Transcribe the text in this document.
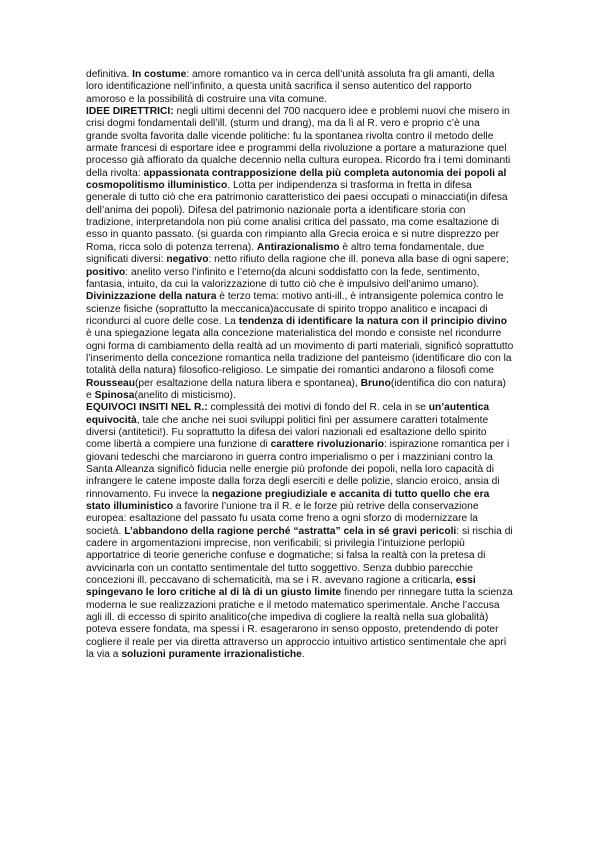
definitiva. In costume: amore romantico va in cerca dell’unità assoluta fra gli amanti, della loro identificazione nell’infinito, a questa unità sacrifica il senso autentico del rapporto amoroso e la possibilità di costruire una vita comune.

IDEE DIRETTRICI: negli ultimi decenni del 700 nacquero idee e problemi nuovi che misero in crisi dogmi fondamentali dell’ill. (sturm und drang), ma da lì al R. vero e proprio c’è una grande svolta favorita dalle vicende politiche: fu la spontanea rivolta contro il metodo delle armate francesi di esportare idee e programmi della rivoluzione a portare a maturazione quel processo già affiorato da qualche decennio nella cultura europea. Ricordo fra i temi dominanti della rivolta: appassionata contrapposizione della più completa autonomia dei popoli al cosmopolitismo illuministico. Lotta per indipendenza si trasforma in fretta in difesa generale di tutto ciò che era patrimonio caratteristico dei paesi occupati o minacciati(in difesa dell’anima dei popoli). Difesa del patrimonio nazionale porta a identificare storia con tradizione, interpretandola non più come analisi critica del passato, ma come esaltazione di esso in quanto passato. (si guarda con rimpianto alla Grecia eroica e si nutre disprezzo per Roma, ricca solo di potenza terrena). Antirazionalismo è altro tema fondamentale, due significati diversi: negativo: netto rifiuto della ragione che ill. poneva alla base di ogni sapere; positivo: anelito verso l’infinito e l’eterno(da alcuni soddisfatto con la fede, sentimento, fantasia, intuito, da cui la valorizzazione di tutto ciò che è impulsivo dell’animo umano). Divinizzazione della natura è terzo tema: motivo anti-ill., è intransigente polemica contro le scienze fisiche (soprattutto la meccanica)accusate di spirito troppo analitico e incapaci di ricondurci al cuore delle cose. La tendenza di identificare la natura con il principio divino è una spiegazione legata alla concezione materialistica del mondo e consiste nel ricondurre ogni forma di cambiamento della realtà ad un movimento di parti materiali, significò soprattutto l’inserimento della concezione romantica nella tradizione del panteismo (identificare dio con la totalità della natura) filosofico-religioso. Le simpatie dei romantici andarono a filosofi come Rousseau(per esaltazione della natura libera e spontanea), Bruno(identifica dio con natura) e Spinosa(anelito di misticismo).

EQUIVOCI INSITI NEL R.: complessità dei motivi di fondo del R. cela in se un’autentica equivocità, tale che anche nei suoi sviluppi politici finì per assumere caratteri totalmente diversi (antitetici!). Fu soprattutto la difesa dei valori nazionali ed esaltazione dello spirito come libertà a compiere una funzione di carattere rivoluzionario: ispirazione romantica per i giovani tedeschi che marciarono in guerra contro imperialismo o per i mazziniani contro la Santa Alleanza significò fiducia nelle energie più profonde dei popoli, nella loro capacità di infrangere le catene imposte dalla forza degli eserciti e delle polizie, slancio eroico, ansia di rinnovamento. Fu invece la negazione pregiudiziale e accanita di tutto quello che era stato illuministico a favorire l’unione tra il R. e le forze più retrive della conservazione europea: esaltazione del passato fu usata come freno a ogni sforzo di modernizzare la società. L’abbandono della ragione perché “astratta” cela in sé gravi pericoli: si rischia di cadere in argomentazioni imprecise, non verificabili; si privilegia l’intuizione perlopiù apportatrice di teorie generiche confuse e dogmatiche; si falsa la realtà con la pretesa di avvicinarla con un contatto sentimentale del tutto soggettivo. Senza dubbio parecchie concezioni ill. peccavano di schematicità, ma se i R. avevano ragione a criticarla, essi spingevano le loro critiche al di là di un giusto limite finendo per rinnegare tutta la scienza moderna le sue realizzazioni pratiche e il metodo matematico sperimentale. Anche l’accusa agli ill. di eccesso di spirito analitico(che impediva di cogliere la realtà nella sua globalità) poteva essere fondata, ma spessi i R. esagerarono in senso opposto, pretendendo di poter cogliere il reale per via diretta attraverso un approccio intuitivo artistico sentimentale che aprì la via a soluzioni puramente irrazionalistiche.
